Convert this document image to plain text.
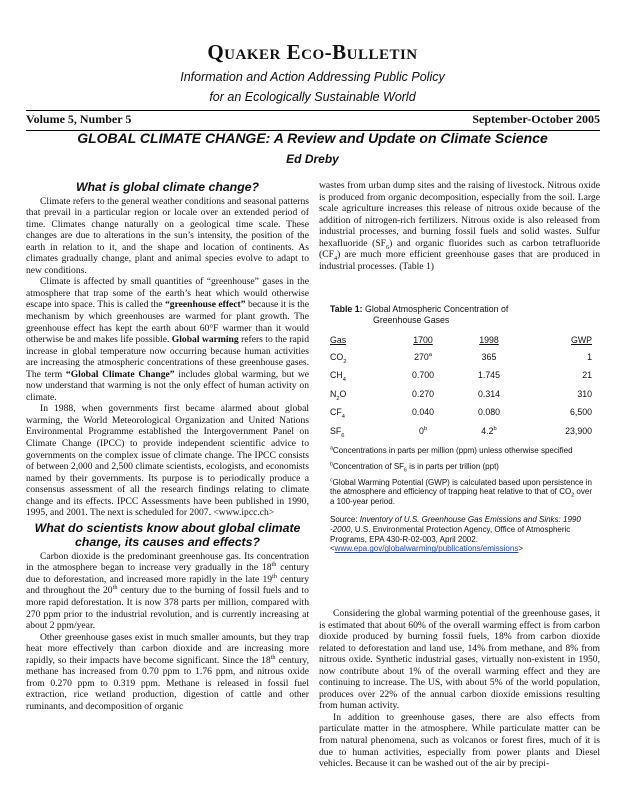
Quaker Eco-Bulletin
Information and Action Addressing Public Policy
for an Ecologically Sustainable World
Volume 5, Number 5	September-October 2005
GLOBAL CLIMATE CHANGE: A Review and Update on Climate Science
Ed Dreby
What is global climate change?

Climate refers to the general weather conditions and seasonal patterns that prevail in a particular region or locale over an extended period of time. Climates change naturally on a geological time scale. These changes are due to alterations in the sun’s intensity, the position of the earth in relation to it, and the shape and location of continents. As climates gradually change, plant and animal species evolve to adapt to new conditions.

Climate is affected by small quantities of “greenhouse” gases in the atmosphere that trap some of the earth’s heat which would otherwise escape into space. This is called the “greenhouse effect” because it is the mechanism by which greenhouses are warmed for plant growth. The greenhouse effect has kept the earth about 60°F warmer than it would otherwise be and makes life possible. Global warming refers to the rapid increase in global temperature now occurring because human activities are increasing the atmospheric concentrations of these greenhouse gases. The term “Global Climate Change” includes global warming, but we now understand that warming is not the only effect of human activity on climate.

In 1988, when governments first became alarmed about global warming, the World Meteorological Organization and United Nations Environmental Programme established the Intergovernment Panel on Climate Change (IPCC) to provide independent scientific advice to governments on the complex issue of climate change. The IPCC consists of between 2,000 and 2,500 climate scientists, ecologists, and economists named by their governments. Its purpose is to periodically produce a consensus assessment of all the research findings relating to climate change and its effects. IPCC Assessments have been published in 1990, 1995, and 2001. The next is scheduled for 2007. <www.ipcc.ch>

What do scientists know about global climate change, its causes and effects?

Carbon dioxide is the predominant greenhouse gas. Its concentration in the atmosphere began to increase very gradually in the 18th century due to deforestation, and increased more rapidly in the late 19th century and throughout the 20th century due to the burning of fossil fuels and to more rapid deforestation. It is now 378 parts per million, compared with 270 ppm prior to the industrial revolution, and is currently increasing at about 2 ppm/year.

Other greenhouse gases exist in much smaller amounts, but they trap heat more effectively than carbon dioxide and are increasing more rapidly, so their impacts have become significant. Since the 18th century, methane has increased from 0.70 ppm to 1.76 ppm, and nitrous oxide from 0.270 ppm to 0.319 ppm. Methane is released in fossil fuel extraction, rice wetland production, digestion of cattle and other ruminants, and decomposition of organic

wastes from urban dump sites and the raising of livestock. Nitrous oxide is produced from organic decomposition, especially from the soil. Large scale agriculture increases this release of nitrous oxide because of the addition of nitrogen-rich fertilizers. Nitrous oxide is also released from industrial processes, and burning fossil fuels and solid wastes. Sulfur hexafluoride $(SF_6)$ and organic fluorides such as carbon tetrafluoride $(CF_4)$ are much more efficient greenhouse gases that are produced in industrial processes. (Table 1)

Table 1: Global Atmospheric Concentration of
Greenhouse Gases
Gas	1700	1998	GWP
$CO_2$	270$^a$	365	1
$CH_4$	0.700	1.745	21
$N_2O$	0.270	0.314	310
$CF_4$	0.040	0.080	6,500
$SF_6$	0$^b$	4.2$^b$	23,900
$^a$Concentrations in parts per million (ppm) unless otherwise specified
$^b$Concentration of $SF_6$ is in parts per trillion (ppt)
$^c$Global Warming Potential (GWP) is calculated based upon persistence in the atmosphere and efficiency of trapping heat relative to that of $CO_2$ over a 100-year period.
Source: Inventory of U.S. Greenhouse Gas Emissions and Sinks: 1990 -2000, U.S. Environmental Protection Agency, Office of Atmospheric Programs, EPA 430-R-02-003, April 2002. <www.epa.gov/globalwarming/publications/emissions>

Considering the global warming potential of the greenhouse gases, it is estimated that about 60% of the overall warming effect is from carbon dioxide produced by burning fossil fuels, 18% from carbon dioxide related to deforestation and land use, 14% from methane, and 8% from nitrous oxide. Synthetic industrial gases, virtually non-existent in 1950, now contribute about 1% of the overall warming effect and they are continuing to increase. The US, with about 5% of the world population, produces over 22% of the annual carbon dioxide emissions resulting from human activity.

In addition to greenhouse gases, there are also effects from particulate matter in the atmosphere. While particulate matter can be from natural phenomena, such as volcanos or forest fires, much of it is due to human activities, especially from power plants and Diesel vehicles. Because it can be washed out of the air by precipi-
